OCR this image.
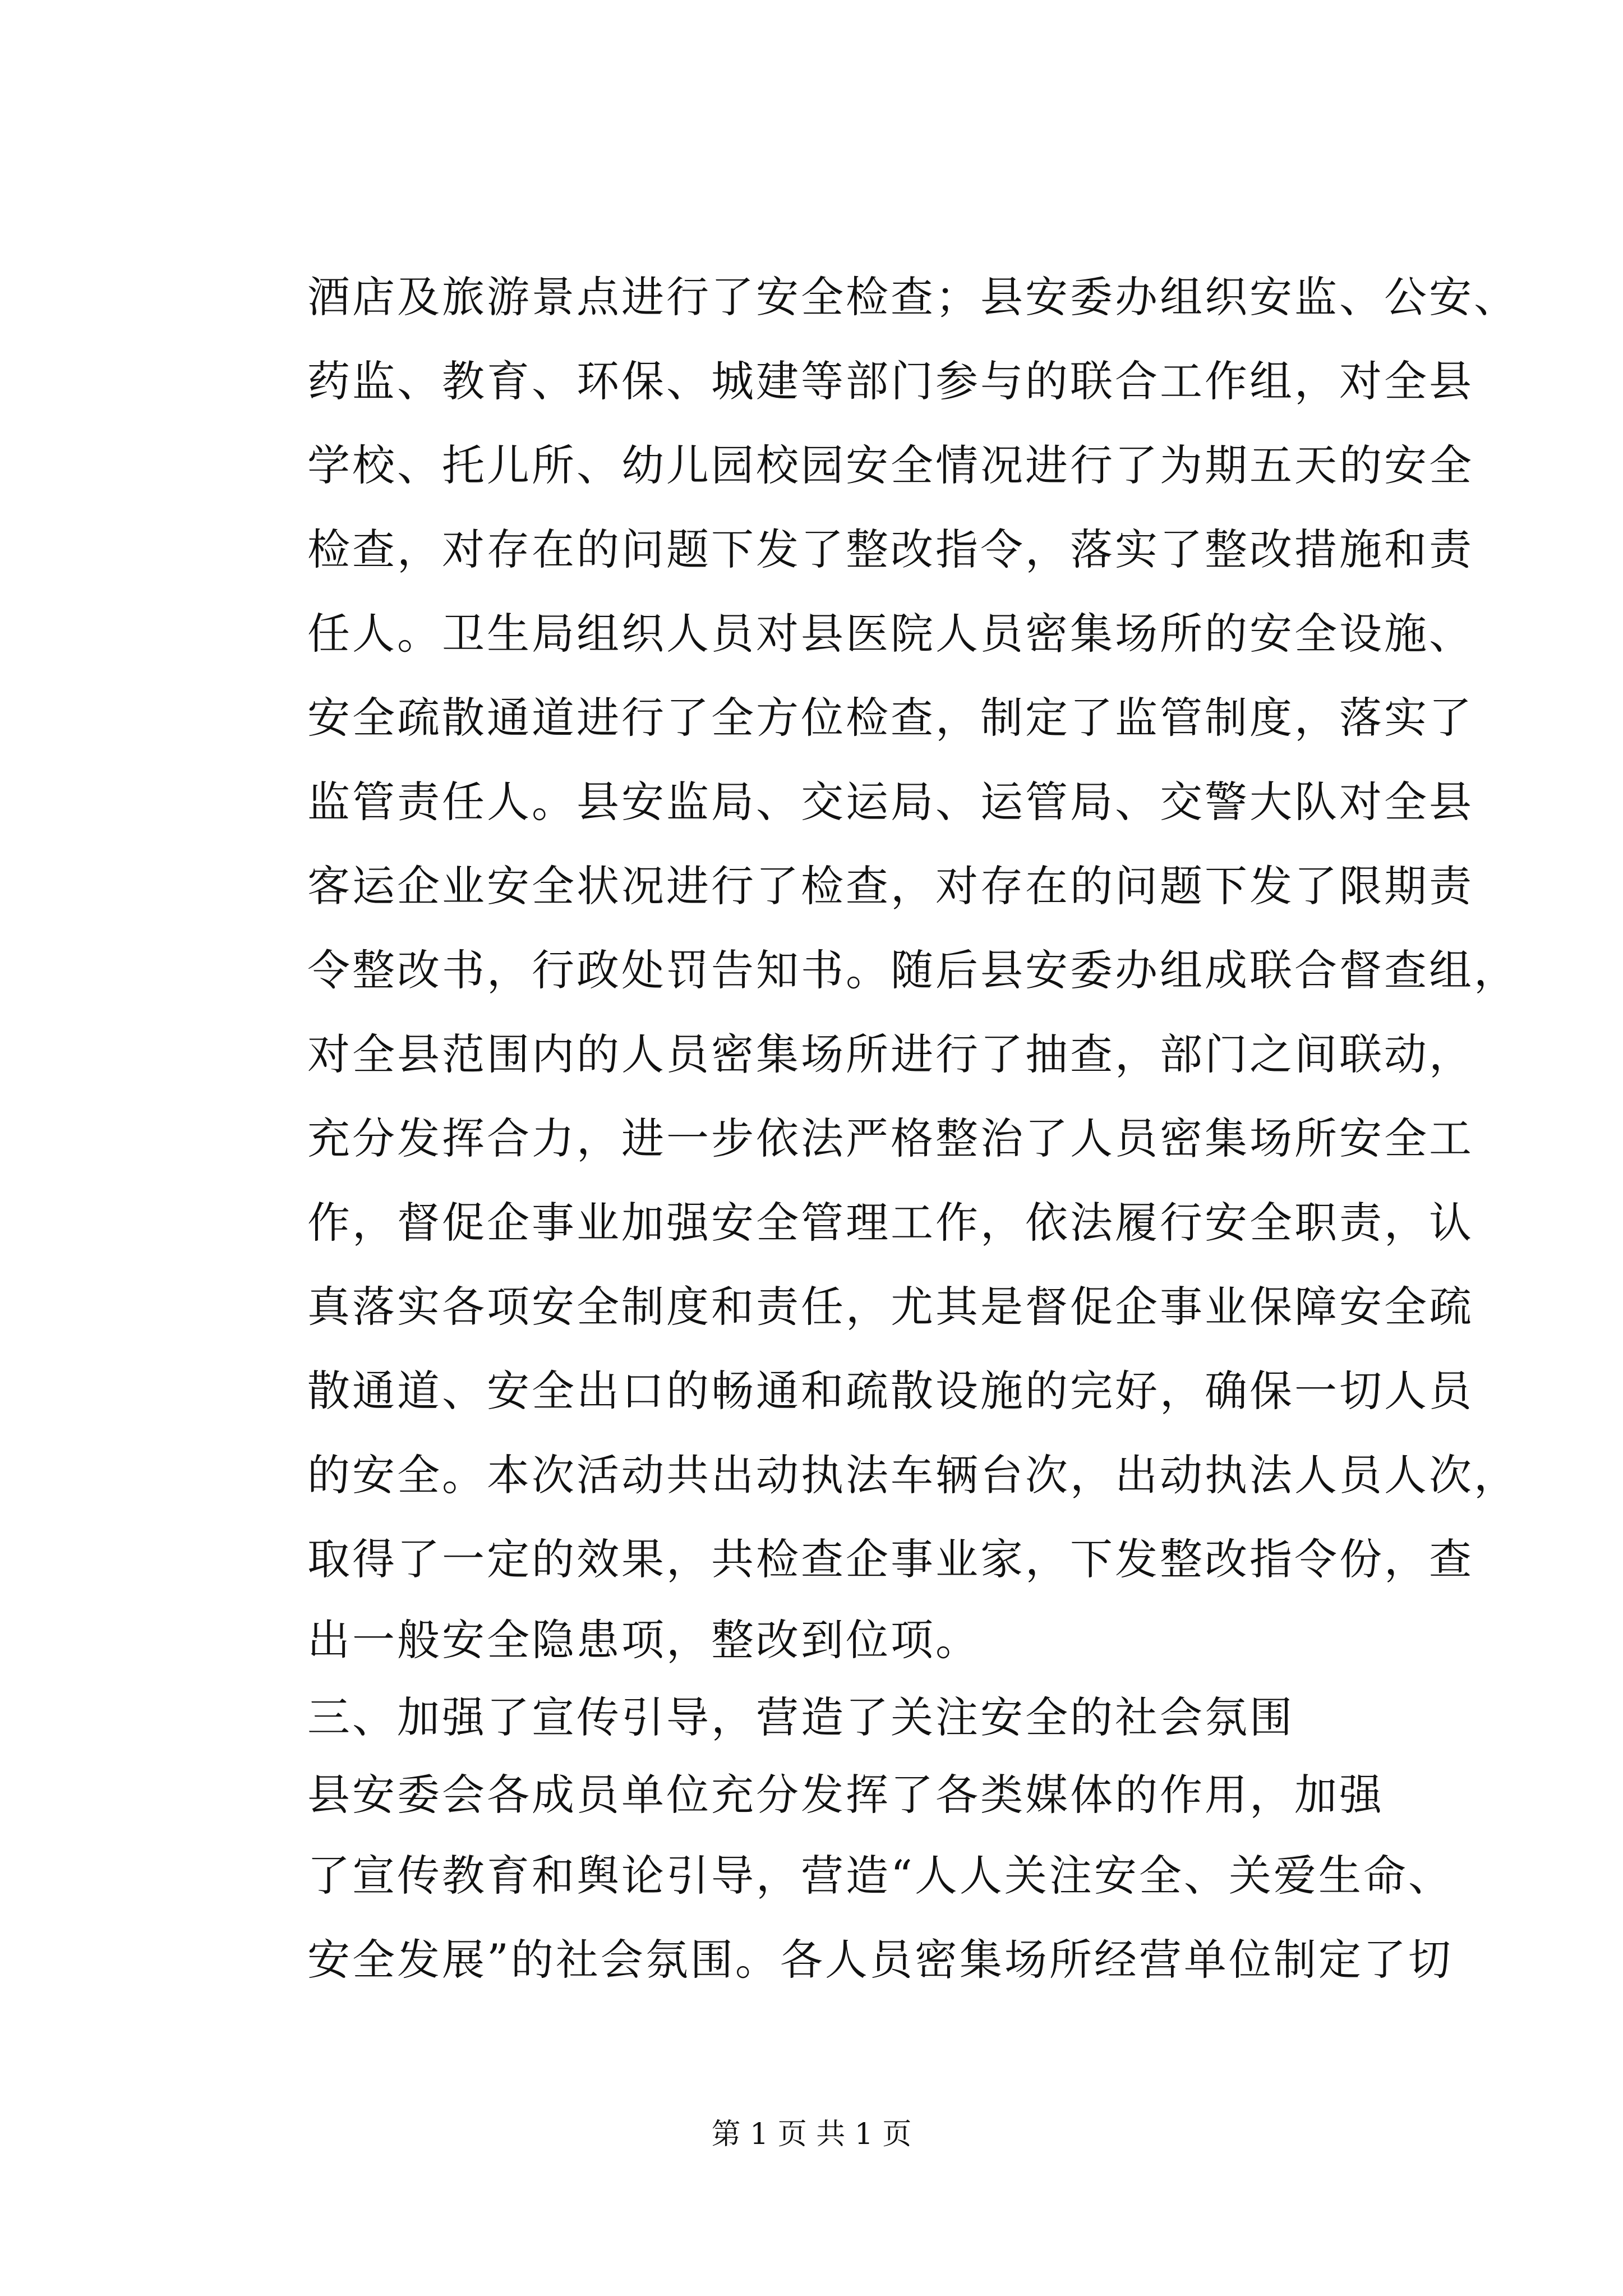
酒店及旅游景点进行了安全检查；县安委办组织安监、公安、
药监、教育、环保、城建等部门参与的联合工作组，对全县
学校、托儿所、幼儿园校园安全情况进行了为期五天的安全
检查，对存在的问题下发了整改指令，落实了整改措施和责
任人。卫生局组织人员对县医院人员密集场所的安全设施、
安全疏散通道进行了全方位检查，制定了监管制度，落实了
监管责任人。县安监局、交运局、运管局、交警大队对全县
客运企业安全状况进行了检查，对存在的问题下发了限期责
令整改书，行政处罚告知书。随后县安委办组成联合督查组，
对全县范围内的人员密集场所进行了抽查，部门之间联动，
充分发挥合力，进一步依法严格整治了人员密集场所安全工
作，督促企事业加强安全管理工作，依法履行安全职责，认
真落实各项安全制度和责任，尤其是督促企事业保障安全疏
散通道、安全出口的畅通和疏散设施的完好，确保一切人员
的安全。本次活动共出动执法车辆台次，出动执法人员人次，
取得了一定的效果，共检查企事业家，下发整改指令份，查
出一般安全隐患项，整改到位项。
三、加强了宣传引导，营造了关注安全的社会氛围
县安委会各成员单位充分发挥了各类媒体的作用，加强
了宣传教育和舆论引导，营造“人人关注安全、关爱生命、
安全发展”的社会氛围。各人员密集场所经营单位制定了切
第 1 页 共 1 页
